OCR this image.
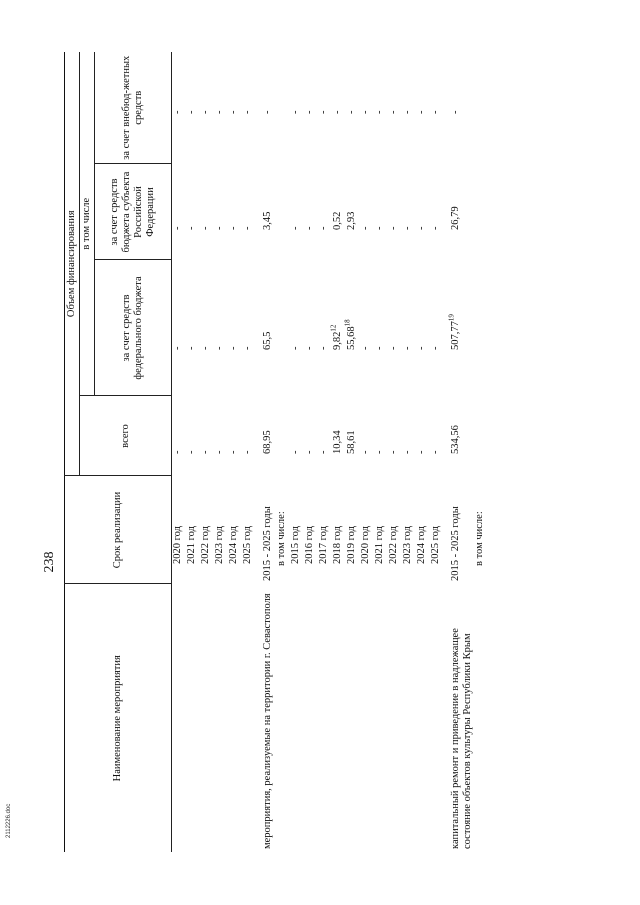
238
Наименование мероприятия	Срок реализации	Объем финансирования			
		всего	в том числе		
			за счет средств федерального бюджета	за счет средств бюджета субъекта Российской Федерации	за счет внебюд-жетных средств
	2020 год	-	-	-	-
	2021 год	-	-	-	-
	2022 год	-	-	-	-
	2023 год	-	-	-	-
	2024 год	-	-	-	-
	2025 год	-	-	-	-
мероприятия, реализуемые на территории г. Севастополя	2015 - 2025 годы	68,95	65,5	3,45	-
	в том числе:				
	2015 год	-	-	-	-
	2016 год	-	-	-	-
	2017 год	-	-	-	-
	2018 год	10,34	9,82$^{12}$	0,52	-
	2019 год	58,61	55,68$^{18}$	2,93	-
	2020 год	-	-	-	-
	2021 год	-	-	-	-
	2022 год	-	-	-	-
	2023 год	-	-	-	-
	2024 год	-	-	-	-
	2025 год	-	-	-	-
капитальный ремонт и приведение в надлежащее состояние объектов культуры Республики Крым	2015 - 2025 годы	534,56	507,77$^{19}$	26,79	-
	в том числе:				
2112226.doc
